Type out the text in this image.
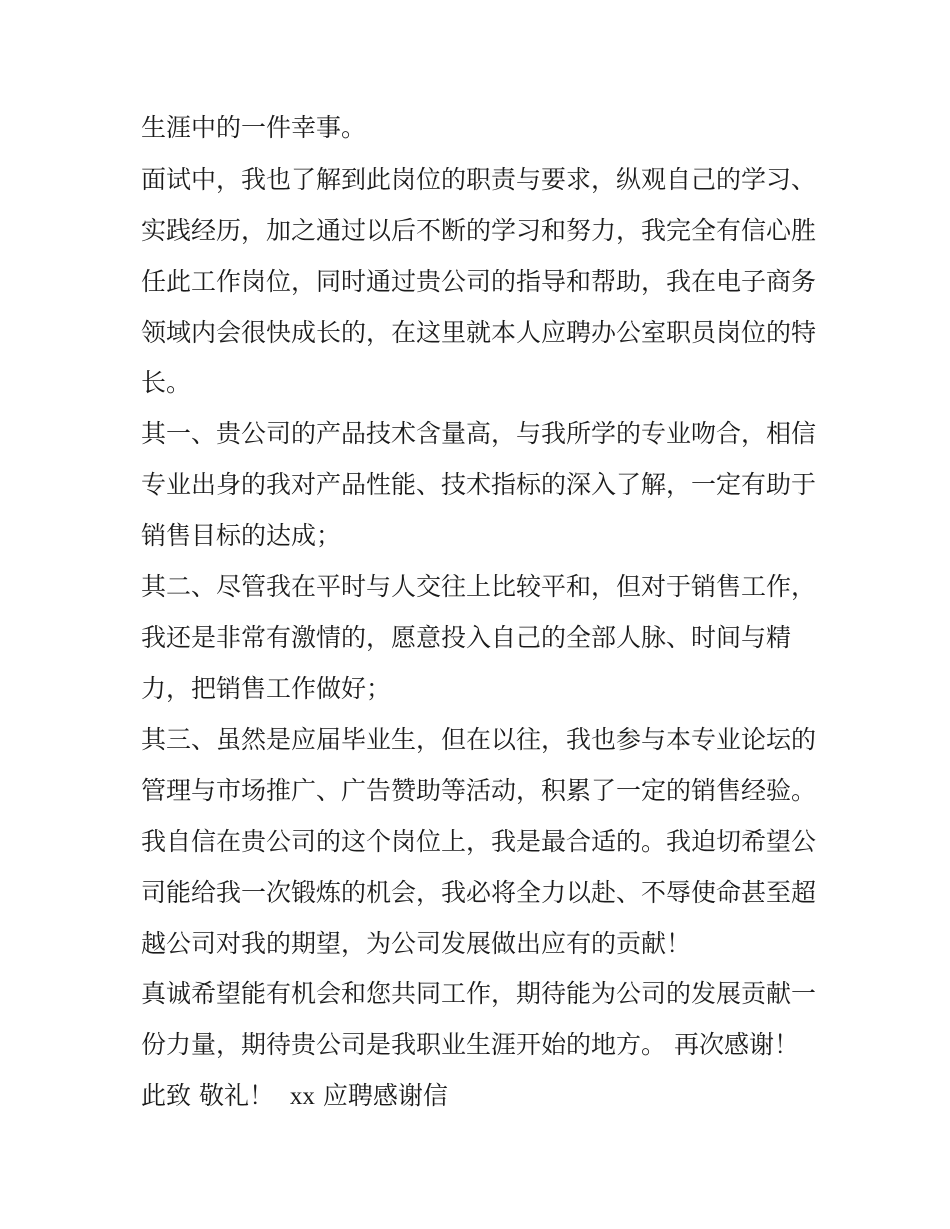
生涯中的一件幸事。
面试中，我也了解到此岗位的职责与要求，纵观自己的学习、
实践经历，加之通过以后不断的学习和努力，我完全有信心胜
任此工作岗位，同时通过贵公司的指导和帮助，我在电子商务
领域内会很快成长的，在这里就本人应聘办公室职员岗位的特
长。
其一、贵公司的产品技术含量高，与我所学的专业吻合，相信
专业出身的我对产品性能、技术指标的深入了解，一定有助于
销售目标的达成；
其二、尽管我在平时与人交往上比较平和，但对于销售工作，
我还是非常有激情的，愿意投入自己的全部人脉、时间与精
力，把销售工作做好；
其三、虽然是应届毕业生，但在以往，我也参与本专业论坛的
管理与市场推广、广告赞助等活动，积累了一定的销售经验。
我自信在贵公司的这个岗位上，我是最合适的。我迫切希望公
司能给我一次锻炼的机会，我必将全力以赴、不辱使命甚至超
越公司对我的期望，为公司发展做出应有的贡献！
真诚希望能有机会和您共同工作，期待能为公司的发展贡献一
份力量，期待贵公司是我职业生涯开始的地方。 再次感谢！
此致 敬礼！ xx 应聘感谢信
